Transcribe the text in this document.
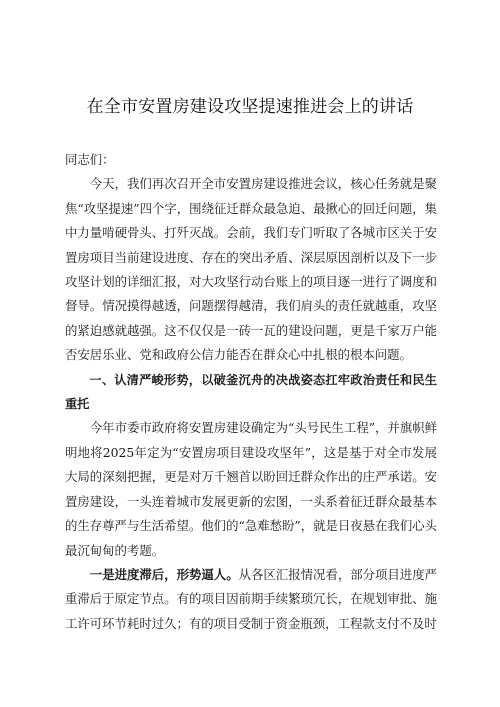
在全市安置房建设攻坚提速推进会上的讲话

同志们：

今天，我们再次召开全市安置房建设推进会议，核心任务就是聚焦“攻坚提速”四个字，围绕征迁群众最急迫、最揪心的回迁问题，集中力量啃硬骨头、打歼灭战。会前，我们专门听取了各城市区关于安置房项目当前建设进度、存在的突出矛盾、深层原因剖析以及下一步攻坚计划的详细汇报，对大攻坚行动台账上的项目逐一进行了调度和督导。情况摸得越透，问题摆得越清，我们肩头的责任就越重，攻坚的紧迫感就越强。这不仅仅是一砖一瓦的建设问题，更是千家万户能否安居乐业、党和政府公信力能否在群众心中扎根的根本问题。

一、认清严峻形势，以破釜沉舟的决战姿态扛牢政治责任和民生重托

今年市委市政府将安置房建设确定为“头号民生工程”，并旗帜鲜明地将2025年定为“安置房项目建设攻坚年”，这是基于对全市发展大局的深刻把握，更是对万千翘首以盼回迁群众作出的庄严承诺。安置房建设，一头连着城市发展更新的宏图，一头系着征迁群众最基本的生存尊严与生活希望。他们的“急难愁盼”，就是日夜悬在我们心头最沉甸甸的考题。

一是进度滞后，形势逼人。从各区汇报情况看，部分项目进度严重滞后于原定节点。有的项目因前期手续繁琐冗长，在规划审批、施工许可环节耗时过久；有的项目受制于资金瓶颈，工程款支付不及时
